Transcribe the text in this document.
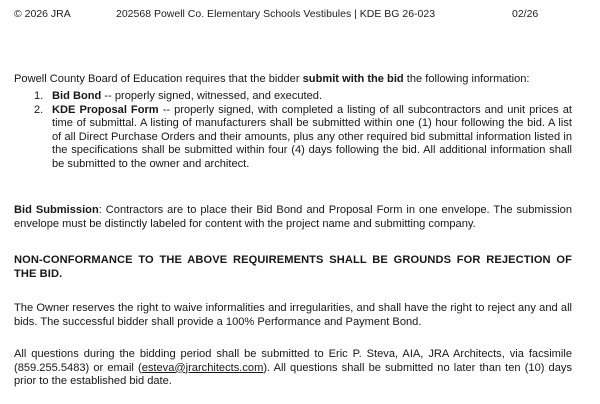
© 2026 JRA	202568 Powell Co. Elementary Schools Vestibules | KDE BG 26-023	02/26

Powell County Board of Education requires that the bidder submit with the bid the following information:

1. Bid Bond -- properly signed, witnessed, and executed.
2. KDE Proposal Form -- properly signed, with completed a listing of all subcontractors and unit prices at time of submittal. A listing of manufacturers shall be submitted within one (1) hour following the bid. A list of all Direct Purchase Orders and their amounts, plus any other required bid submittal information listed in the specifications shall be submitted within four (4) days following the bid. All additional information shall be submitted to the owner and architect.

Bid Submission: Contractors are to place their Bid Bond and Proposal Form in one envelope. The submission envelope must be distinctly labeled for content with the project name and submitting company.

NON-CONFORMANCE TO THE ABOVE REQUIREMENTS SHALL BE GROUNDS FOR REJECTION OF THE BID.

The Owner reserves the right to waive informalities and irregularities, and shall have the right to reject any and all bids. The successful bidder shall provide a 100% Performance and Payment Bond.

All questions during the bidding period shall be submitted to Eric P. Steva, AIA, JRA Architects, via facsimile (859.255.5483) or email (esteva@jrarchitects.com). All questions shall be submitted no later than ten (10) days prior to the established bid date.
